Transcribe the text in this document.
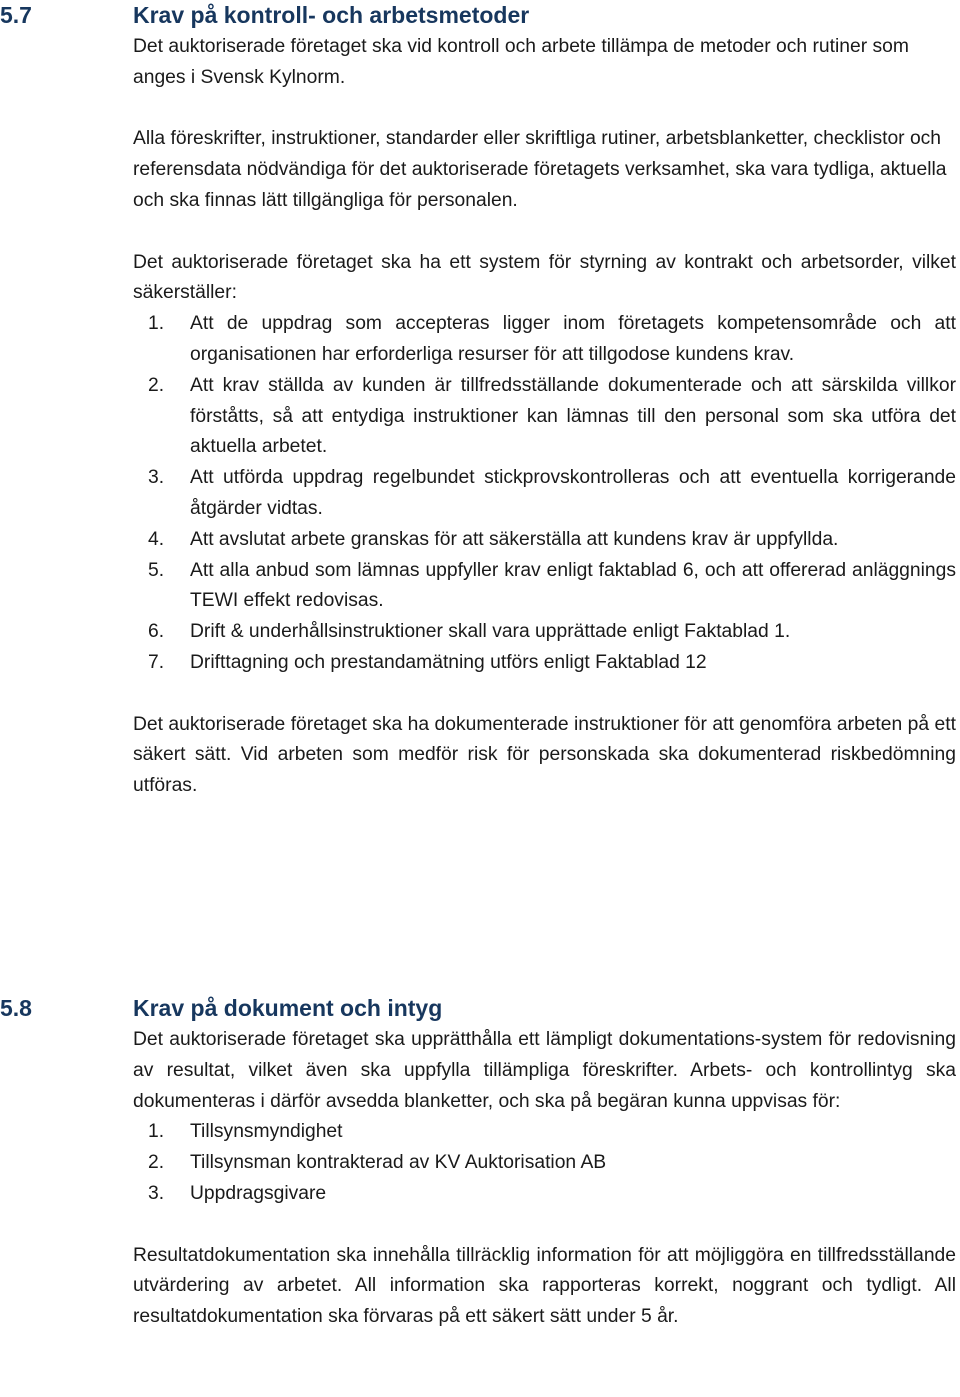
5.7	Krav på kontroll- och arbetsmetoder

Det auktoriserade företaget ska vid kontroll och arbete tillämpa de metoder och rutiner som anges i Svensk Kylnorm.

Alla föreskrifter, instruktioner, standarder eller skriftliga rutiner, arbetsblanketter, checklistor och referensdata nödvändiga för det auktoriserade företagets verksamhet, ska vara tydliga, aktuella och ska finnas lätt tillgängliga för personalen.

Det auktoriserade företaget ska ha ett system för styrning av kontrakt och arbetsorder, vilket säkerställer:

1. Att de uppdrag som accepteras ligger inom företagets kompetensområde och att organisationen har erforderliga resurser för att tillgodose kundens krav.
2. Att krav ställda av kunden är tillfredsställande dokumenterade och att särskilda villkor förståtts, så att entydiga instruktioner kan lämnas till den personal som ska utföra det aktuella arbetet.
3. Att utförda uppdrag regelbundet stickprovskontrolleras och att eventuella korrigerande åtgärder vidtas.
4. Att avslutat arbete granskas för att säkerställa att kundens krav är uppfyllda.
5. Att alla anbud som lämnas uppfyller krav enligt faktablad 6, och att offererad anläggnings TEWI effekt redovisas.
6. Drift & underhållsinstruktioner skall vara upprättade enligt Faktablad 1.
7. Drifttagning och prestandamätning utförs enligt Faktablad 12

Det auktoriserade företaget ska ha dokumenterade instruktioner för att genomföra arbeten på ett säkert sätt. Vid arbeten som medför risk för personskada ska dokumenterad riskbedömning utföras.

5.8	Krav på dokument och intyg

Det auktoriserade företaget ska upprätthålla ett lämpligt dokumentations-system för redovisning av resultat, vilket även ska uppfylla tillämpliga föreskrifter. Arbets- och kontrollintyg ska dokumenteras i därför avsedda blanketter, och ska på begäran kunna uppvisas för:

1. Tillsynsmyndighet
2. Tillsynsman kontrakterad av KV Auktorisation AB
3. Uppdragsgivare

Resultatdokumentation ska innehålla tillräcklig information för att möjliggöra en tillfredsställande utvärdering av arbetet. All information ska rapporteras korrekt, noggrant och tydligt. All resultatdokumentation ska förvaras på ett säkert sätt under 5 år.
